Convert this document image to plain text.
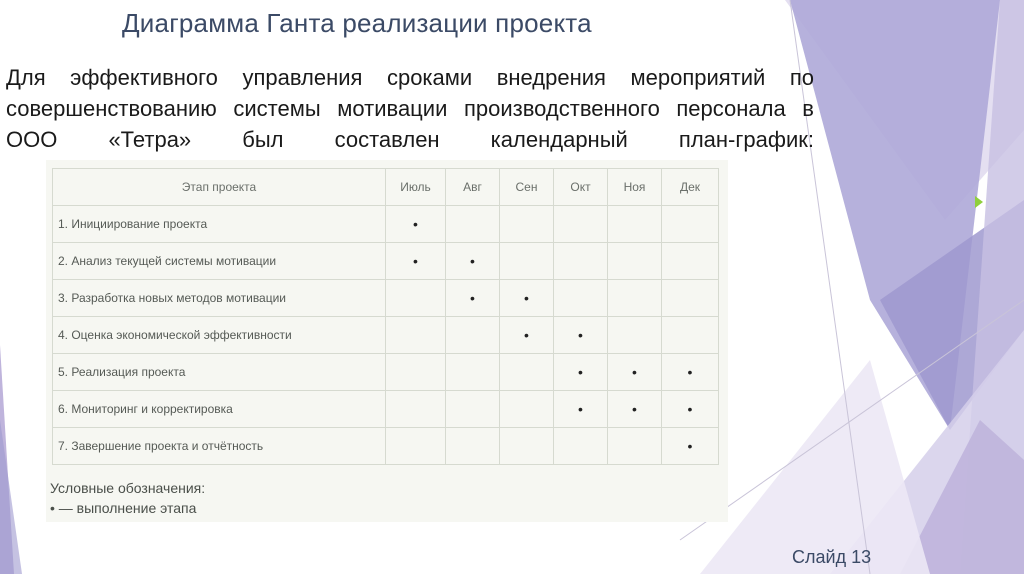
Диаграмма Ганта реализации проекта
Для эффективного управления сроками внедрения мероприятий по совершенствованию системы мотивации производственного персонала в ООО «Тетра» был составлен календарный план-график:
Этап проекта	Июль	Авг	Сен	Окт	Ноя	Дек
1. Инициирование проекта	•					
2. Анализ текущей системы мотивации	•	•				
3. Разработка новых методов мотивации		•	•			
4. Оценка экономической эффективности			•	•		
5. Реализация проекта				•	•	•
6. Мониторинг и корректировка				•	•	•
7. Завершение проекта и отчётность						•
Условные обозначения:
• — выполнение этапа
Слайд 13
